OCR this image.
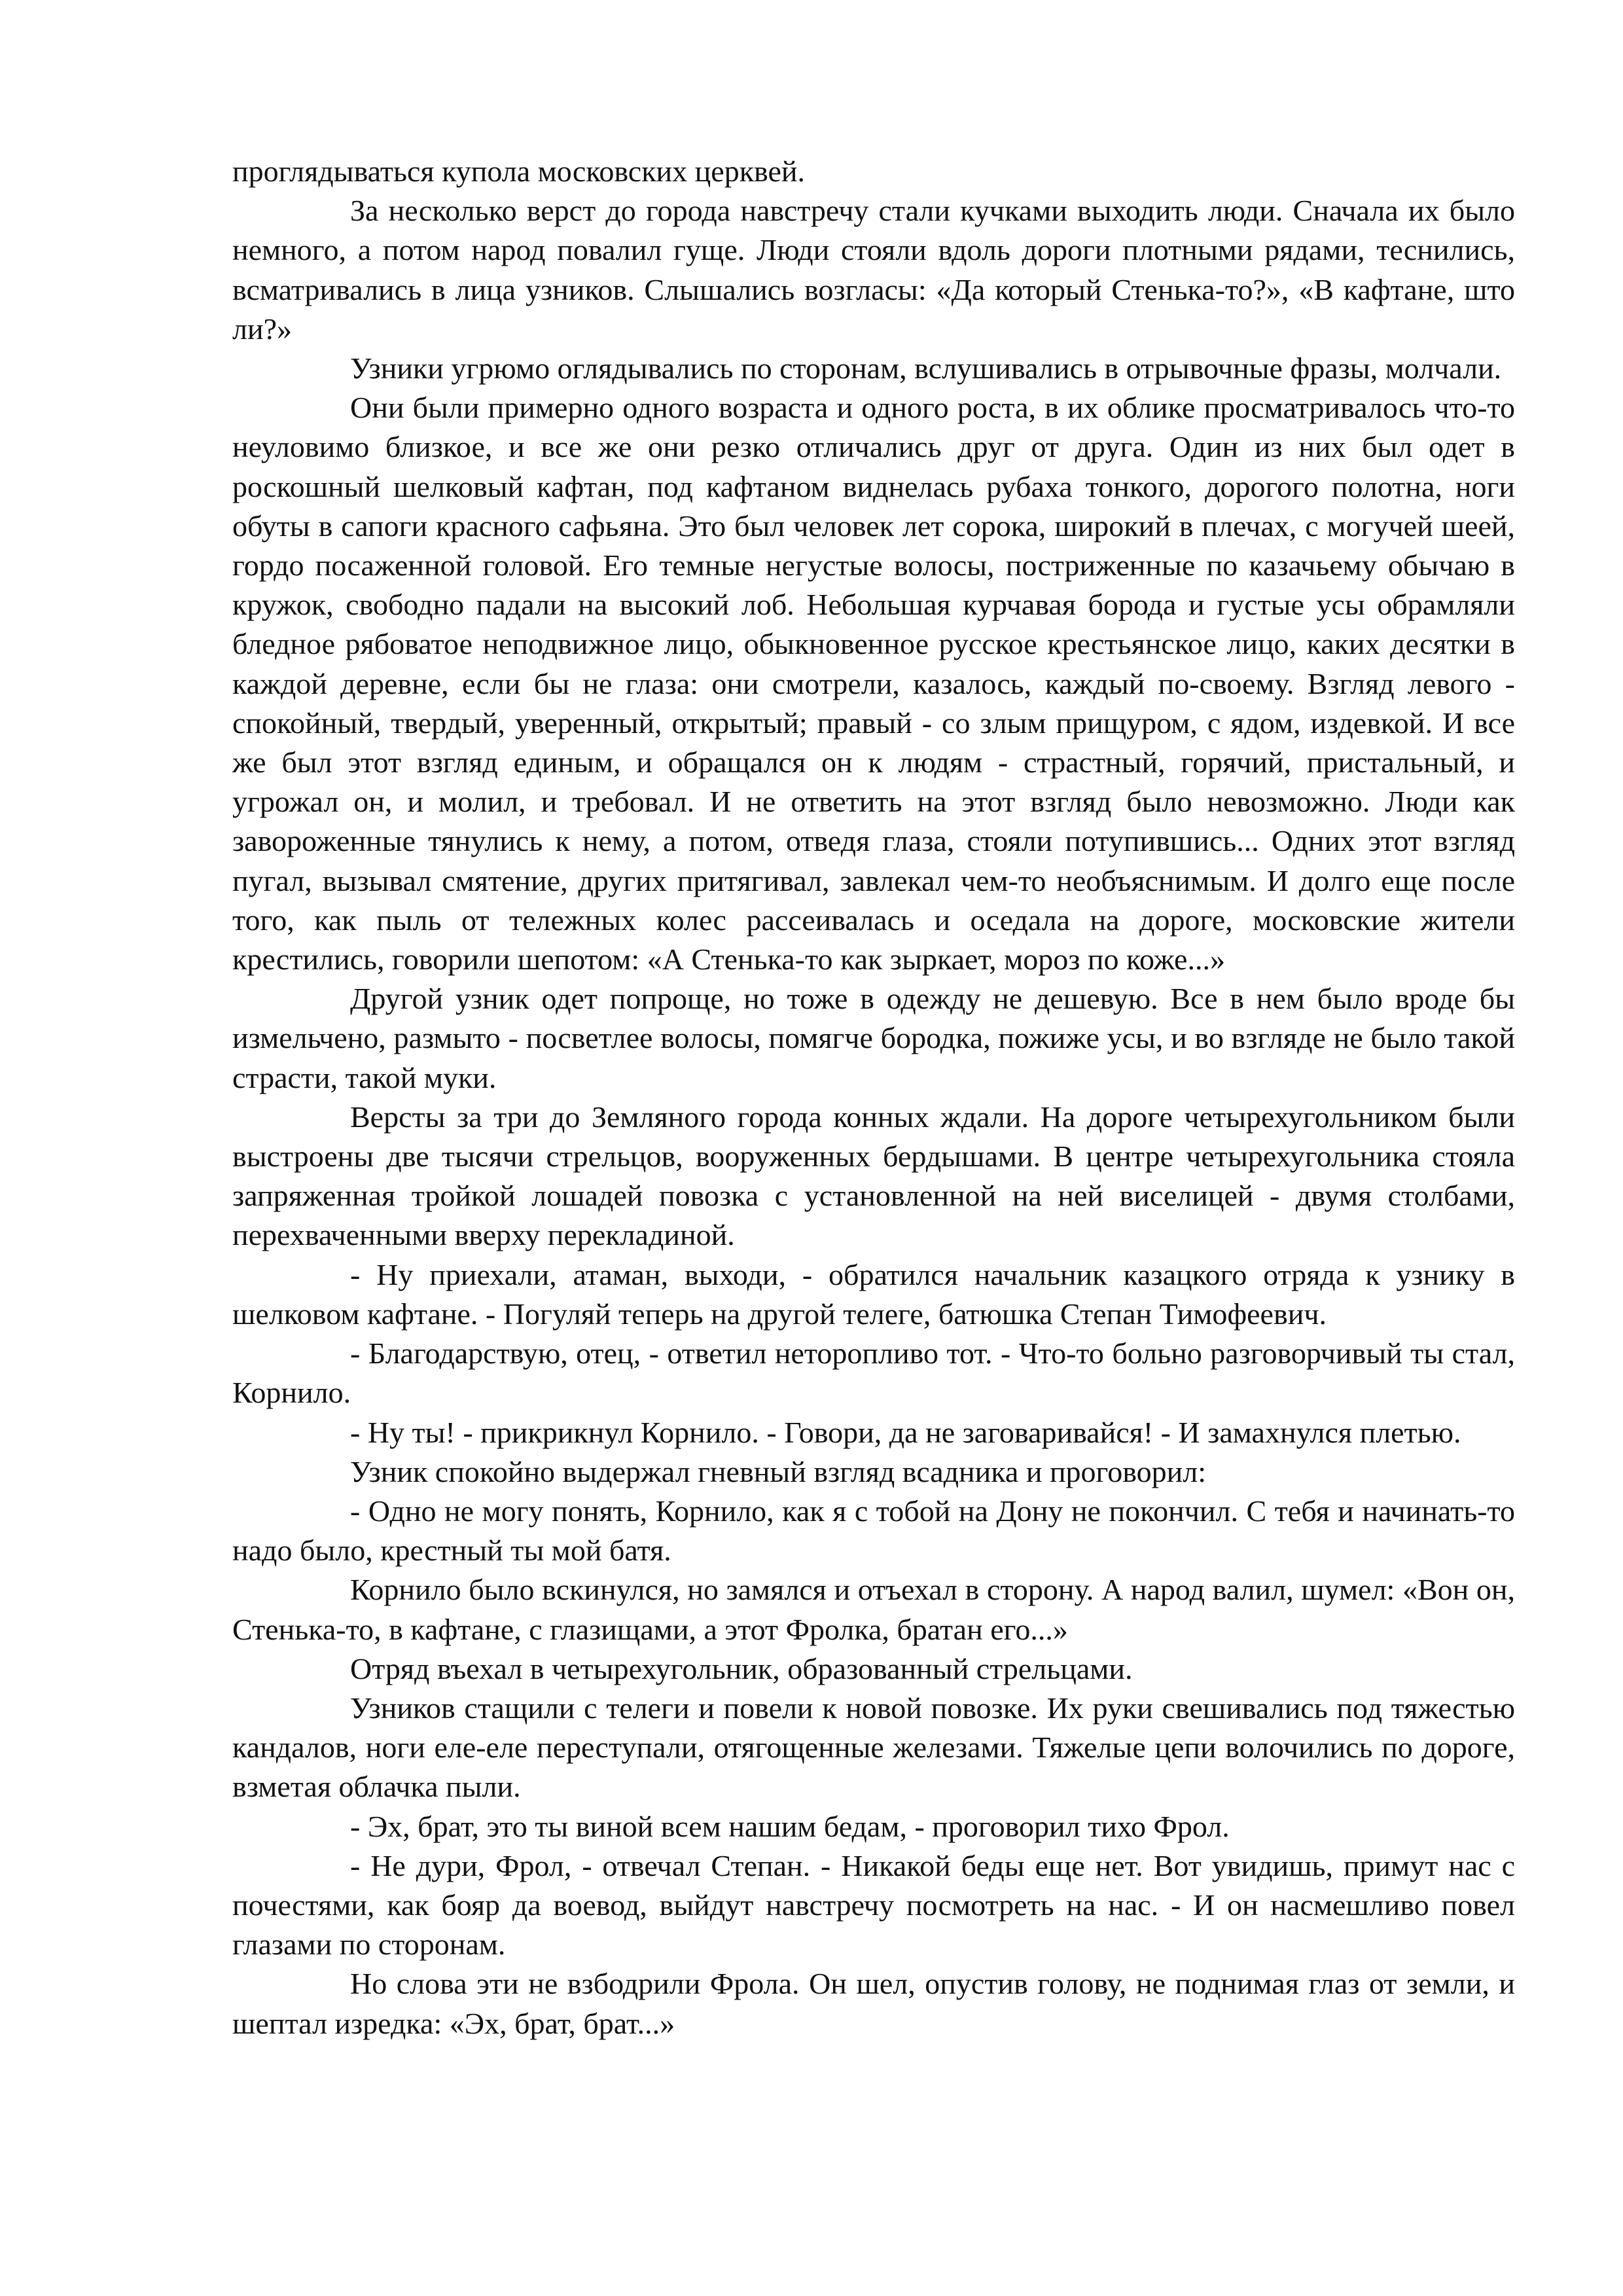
проглядываться купола московских церквей.

За несколько верст до города навстречу стали кучками выходить люди. Сначала их было немного, а потом народ повалил гуще. Люди стояли вдоль дороги плотными рядами, теснились, всматривались в лица узников. Слышались возгласы: «Да который Стенька-то?», «В кафтане, што ли?»

Узники угрюмо оглядывались по сторонам, вслушивались в отрывочные фразы, молчали.

Они были примерно одного возраста и одного роста, в их облике просматривалось что-то неуловимо близкое, и все же они резко отличались друг от друга. Один из них был одет в роскошный шелковый кафтан, под кафтаном виднелась рубаха тонкого, дорогого полотна, ноги обуты в сапоги красного сафьяна. Это был человек лет сорока, широкий в плечах, с могучей шеей, гордо посаженной головой. Его темные негустые волосы, постриженные по казачьему обычаю в кружок, свободно падали на высокий лоб. Небольшая курчавая борода и густые усы обрамляли бледное рябоватое неподвижное лицо, обыкновенное русское крестьянское лицо, каких десятки в каждой деревне, если бы не глаза: они смотрели, казалось, каждый по-своему. Взгляд левого - спокойный, твердый, уверенный, открытый; правый - со злым прищуром, с ядом, издевкой. И все же был этот взгляд единым, и обращался он к людям - страстный, горячий, пристальный, и угрожал он, и молил, и требовал. И не ответить на этот взгляд было невозможно. Люди как завороженные тянулись к нему, а потом, отведя глаза, стояли потупившись... Одних этот взгляд пугал, вызывал смятение, других притягивал, завлекал чем-то необъяснимым. И долго еще после того, как пыль от тележных колес рассеивалась и оседала на дороге, московские жители крестились, говорили шепотом: «А Стенька-то как зыркает, мороз по коже...»

Другой узник одет попроще, но тоже в одежду не дешевую. Все в нем было вроде бы измельчено, размыто - посветлее волосы, помягче бородка, пожиже усы, и во взгляде не было такой страсти, такой муки.

Версты за три до Земляного города конных ждали. На дороге четырехугольником были выстроены две тысячи стрельцов, вооруженных бердышами. В центре четырехугольника стояла запряженная тройкой лошадей повозка с установленной на ней виселицей - двумя столбами, перехваченными вверху перекладиной.

- Ну приехали, атаман, выходи, - обратился начальник казацкого отряда к узнику в шелковом кафтане. - Погуляй теперь на другой телеге, батюшка Степан Тимофеевич.

- Благодарствую, отец, - ответил неторопливо тот. - Что-то больно разговорчивый ты стал, Корнило.

- Ну ты! - прикрикнул Корнило. - Говори, да не заговаривайся! - И замахнулся плетью.

Узник спокойно выдержал гневный взгляд всадника и проговорил:

- Одно не могу понять, Корнило, как я с тобой на Дону не покончил. С тебя и начинать-то надо было, крестный ты мой батя.

Корнило было вскинулся, но замялся и отъехал в сторону. А народ валил, шумел: «Вон он, Стенька-то, в кафтане, с глазищами, а этот Фролка, братан его...»

Отряд въехал в четырехугольник, образованный стрельцами.

Узников стащили с телеги и повели к новой повозке. Их руки свешивались под тяжестью кандалов, ноги еле-еле переступали, отягощенные железами. Тяжелые цепи волочились по дороге, взметая облачка пыли.

- Эх, брат, это ты виной всем нашим бедам, - проговорил тихо Фрол.

- Не дури, Фрол, - отвечал Степан. - Никакой беды еще нет. Вот увидишь, примут нас с почестями, как бояр да воевод, выйдут навстречу посмотреть на нас. - И он насмешливо повел глазами по сторонам.

Но слова эти не взбодрили Фрола. Он шел, опустив голову, не поднимая глаз от земли, и шептал изредка: «Эх, брат, брат...»
